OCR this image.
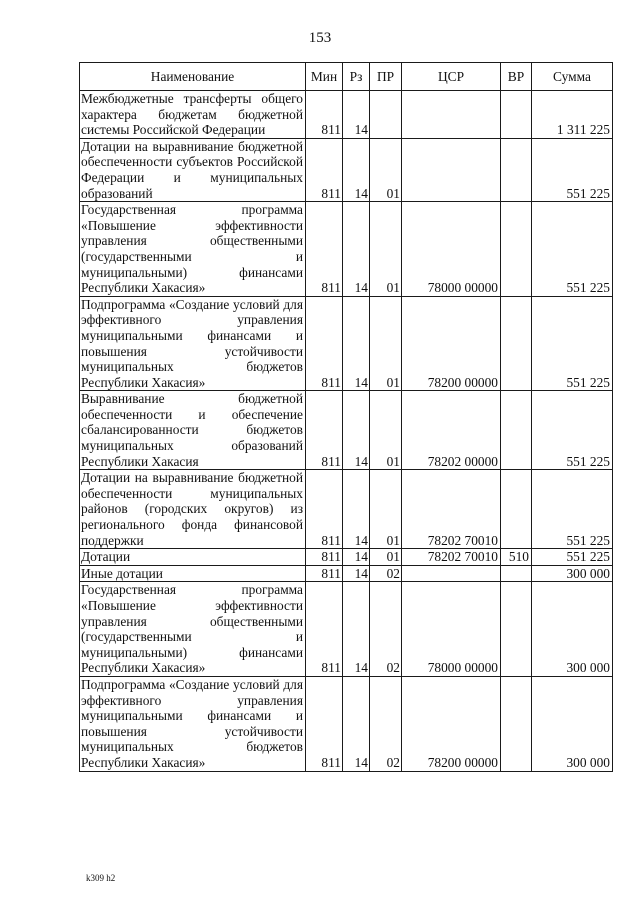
153
Наименование	Мин	Рз	ПР	ЦСР	ВР	Сумма
Межбюджетные трансферты общего характера бюджетам бюджетной системы Российской Федерации	811	14				1 311 225
Дотации на выравнивание бюджетной обеспеченности субъектов Российской Федерации и муниципальных образований	811	14	01			551 225
Государственная программа «Повышение эффективности управления общественными (государственными и муниципальными) финансами Республики Хакасия»	811	14	01	78000 00000		551 225
Подпрограмма «Создание условий для эффективного управления муниципальными финансами и повышения устойчивости муниципальных бюджетов Республики Хакасия»	811	14	01	78200 00000		551 225
Выравнивание бюджетной обеспеченности и обеспечение сбалансированности бюджетов муниципальных образований Республики Хакасия	811	14	01	78202 00000		551 225
Дотации на выравнивание бюджетной обеспеченности муниципальных районов (городских округов) из регионального фонда финансовой поддержки	811	14	01	78202 70010		551 225
Дотации	811	14	01	78202 70010	510	551 225
Иные дотации	811	14	02			300 000
Государственная программа «Повышение эффективности управления общественными (государственными и муниципальными) финансами Республики Хакасия»	811	14	02	78000 00000		300 000
Подпрограмма «Создание условий для эффективного управления муниципальными финансами и повышения устойчивости муниципальных бюджетов Республики Хакасия»	811	14	02	78200 00000		300 000
k309 h2
